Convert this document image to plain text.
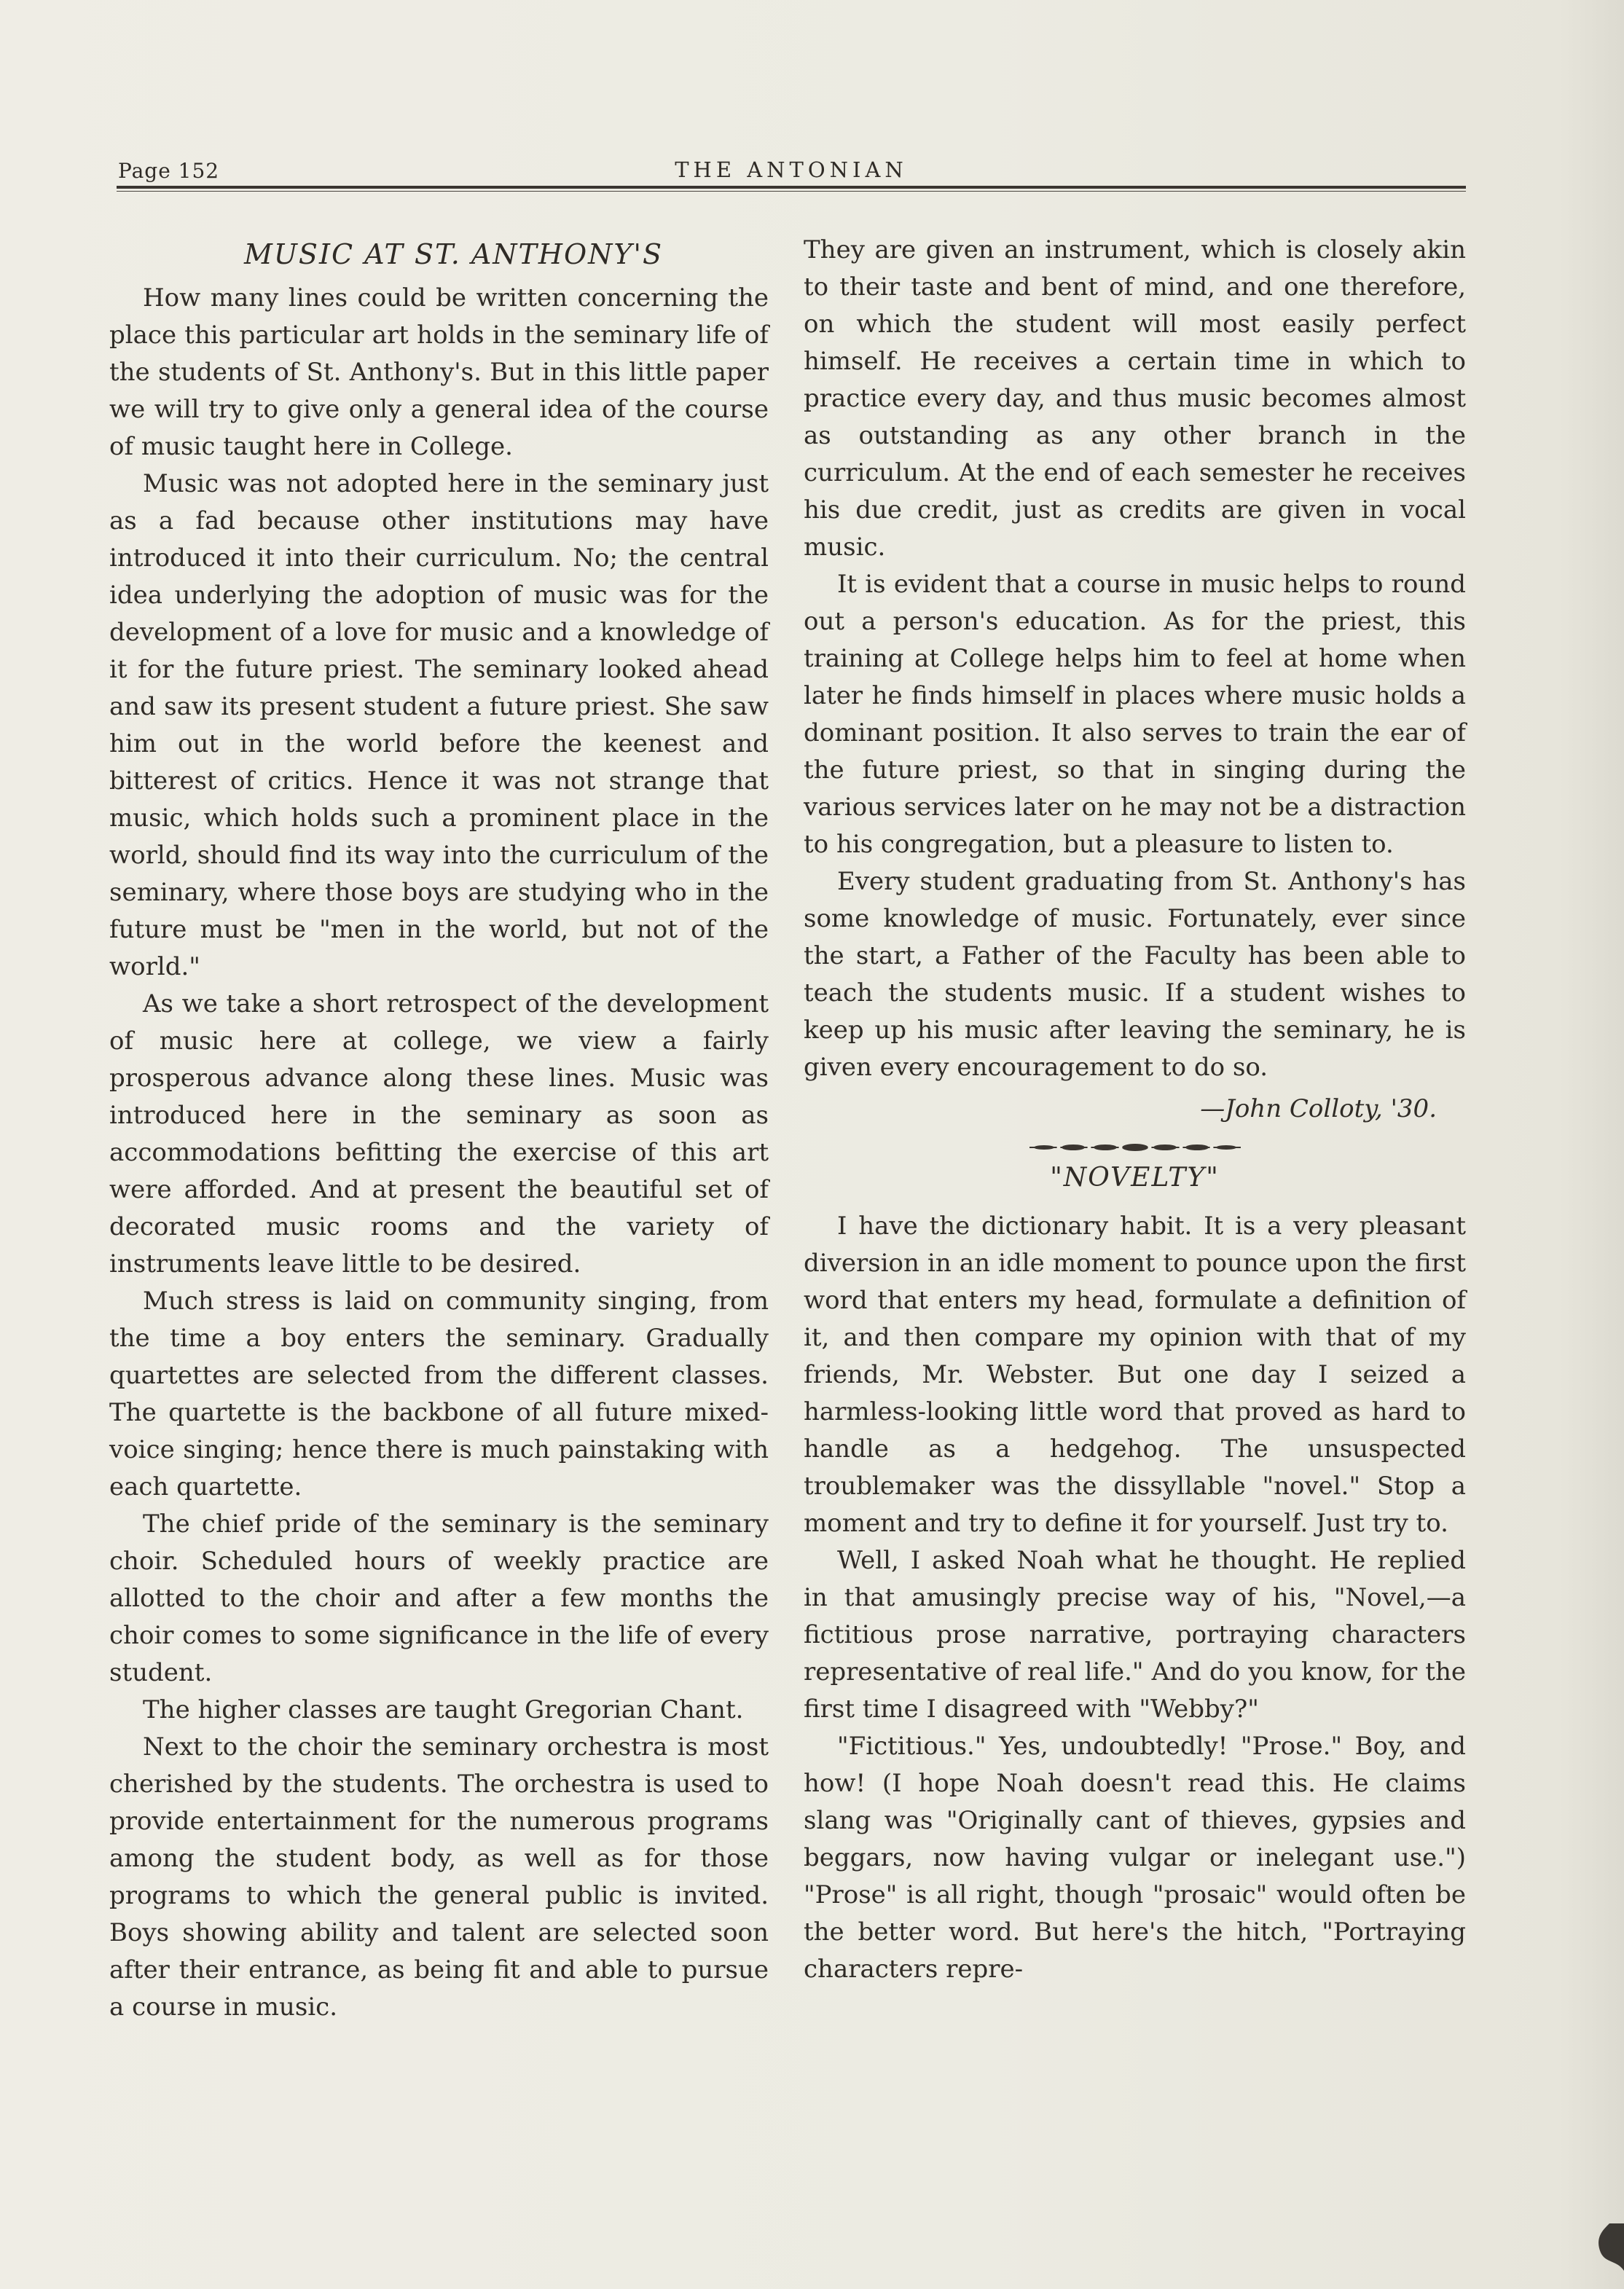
Page 152	THE ANTONIAN
MUSIC AT ST. ANTHONY'S

How many lines could be written concerning the place this particular art holds in the seminary life of the students of St. Anthony's. But in this little paper we will try to give only a general idea of the course of music taught here in College.

Music was not adopted here in the seminary just as a fad because other institutions may have introduced it into their curriculum. No; the central idea underlying the adoption of music was for the development of a love for music and a knowledge of it for the future priest. The seminary looked ahead and saw its present student a future priest. She saw him out in the world before the keenest and bitterest of critics. Hence it was not strange that music, which holds such a prominent place in the world, should find its way into the curriculum of the seminary, where those boys are studying who in the future must be "men in the world, but not of the world."

As we take a short retrospect of the development of music here at college, we view a fairly prosperous advance along these lines. Music was introduced here in the seminary as soon as accommodations befitting the exercise of this art were afforded. And at present the beautiful set of decorated music rooms and the variety of instruments leave little to be desired.

Much stress is laid on community singing, from the time a boy enters the seminary. Gradually quartettes are selected from the different classes. The quartette is the backbone of all future mixed-voice singing; hence there is much painstaking with each quartette.

The chief pride of the seminary is the seminary choir. Scheduled hours of weekly practice are allotted to the choir and after a few months the choir comes to some significance in the life of every student.

The higher classes are taught Gregorian Chant.

Next to the choir the seminary orchestra is most cherished by the students. The orchestra is used to provide entertainment for the numerous programs among the student body, as well as for those programs to which the general public is invited. Boys showing ability and talent are selected soon after their entrance, as being fit and able to pursue a course in music.

They are given an instrument, which is closely akin to their taste and bent of mind, and one therefore, on which the student will most easily perfect himself. He receives a certain time in which to practice every day, and thus music becomes almost as outstanding as any other branch in the curriculum. At the end of each semester he receives his due credit, just as credits are given in vocal music.

It is evident that a course in music helps to round out a person's education. As for the priest, this training at College helps him to feel at home when later he finds himself in places where music holds a dominant position. It also serves to train the ear of the future priest, so that in singing during the various services later on he may not be a distraction to his congregation, but a pleasure to listen to.

Every student graduating from St. Anthony's has some knowledge of music. Fortunately, ever since the start, a Father of the Faculty has been able to teach the students music. If a student wishes to keep up his music after leaving the seminary, he is given every encouragement to do so.

—John Colloty, '30.
"NOVELTY"

I have the dictionary habit. It is a very pleasant diversion in an idle moment to pounce upon the first word that enters my head, formulate a definition of it, and then compare my opinion with that of my friends, Mr. Webster. But one day I seized a harmless-looking little word that proved as hard to handle as a hedgehog. The unsuspected troublemaker was the dissyllable "novel." Stop a moment and try to define it for yourself. Just try to.

Well, I asked Noah what he thought. He replied in that amusingly precise way of his, "Novel,—a fictitious prose narrative, portraying characters representative of real life." And do you know, for the first time I disagreed with "Webby?"

"Fictitious." Yes, undoubtedly! "Prose." Boy, and how! (I hope Noah doesn't read this. He claims slang was "Originally cant of thieves, gypsies and beggars, now having vulgar or inelegant use.") "Prose" is all right, though "prosaic" would often be the better word. But here's the hitch, "Portraying characters repre-
